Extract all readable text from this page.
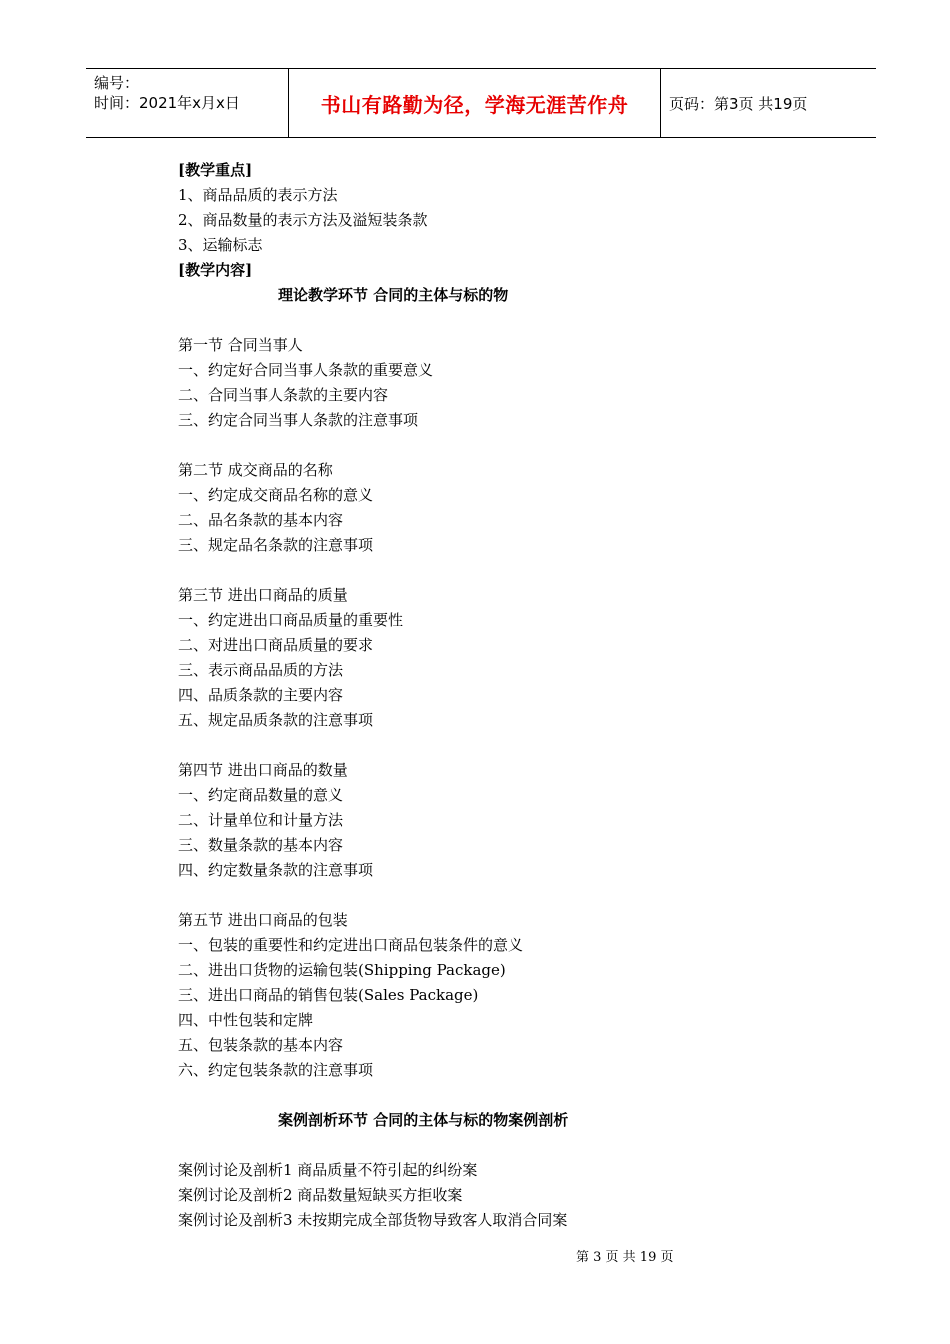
编号：
时间：2021年x月x日	书山有路勤为径，学海无涯苦作舟	页码：第3页 共19页
[教学重点]
1、商品品质的表示方法
2、商品数量的表示方法及溢短装条款
3、运输标志
[教学内容]
理论教学环节 合同的主体与标的物
第一节 合同当事人
一、约定好合同当事人条款的重要意义
二、合同当事人条款的主要内容
三、约定合同当事人条款的注意事项
第二节 成交商品的名称
一、约定成交商品名称的意义
二、品名条款的基本内容
三、规定品名条款的注意事项
第三节 进出口商品的质量
一、约定进出口商品质量的重要性
二、对进出口商品质量的要求
三、表示商品品质的方法
四、品质条款的主要内容
五、规定品质条款的注意事项
第四节 进出口商品的数量
一、约定商品数量的意义
二、计量单位和计量方法
三、数量条款的基本内容
四、约定数量条款的注意事项
第五节 进出口商品的包装
一、包装的重要性和约定进出口商品包装条件的意义
二、进出口货物的运输包装(Shipping Package)
三、进出口商品的销售包装(Sales Package)
四、中性包装和定牌
五、包装条款的基本内容
六、约定包装条款的注意事项
案例剖析环节 合同的主体与标的物案例剖析
案例讨论及剖析1 商品质量不符引起的纠纷案
案例讨论及剖析2 商品数量短缺买方拒收案
案例讨论及剖析3 未按期完成全部货物导致客人取消合同案
第 3 页 共 19 页
